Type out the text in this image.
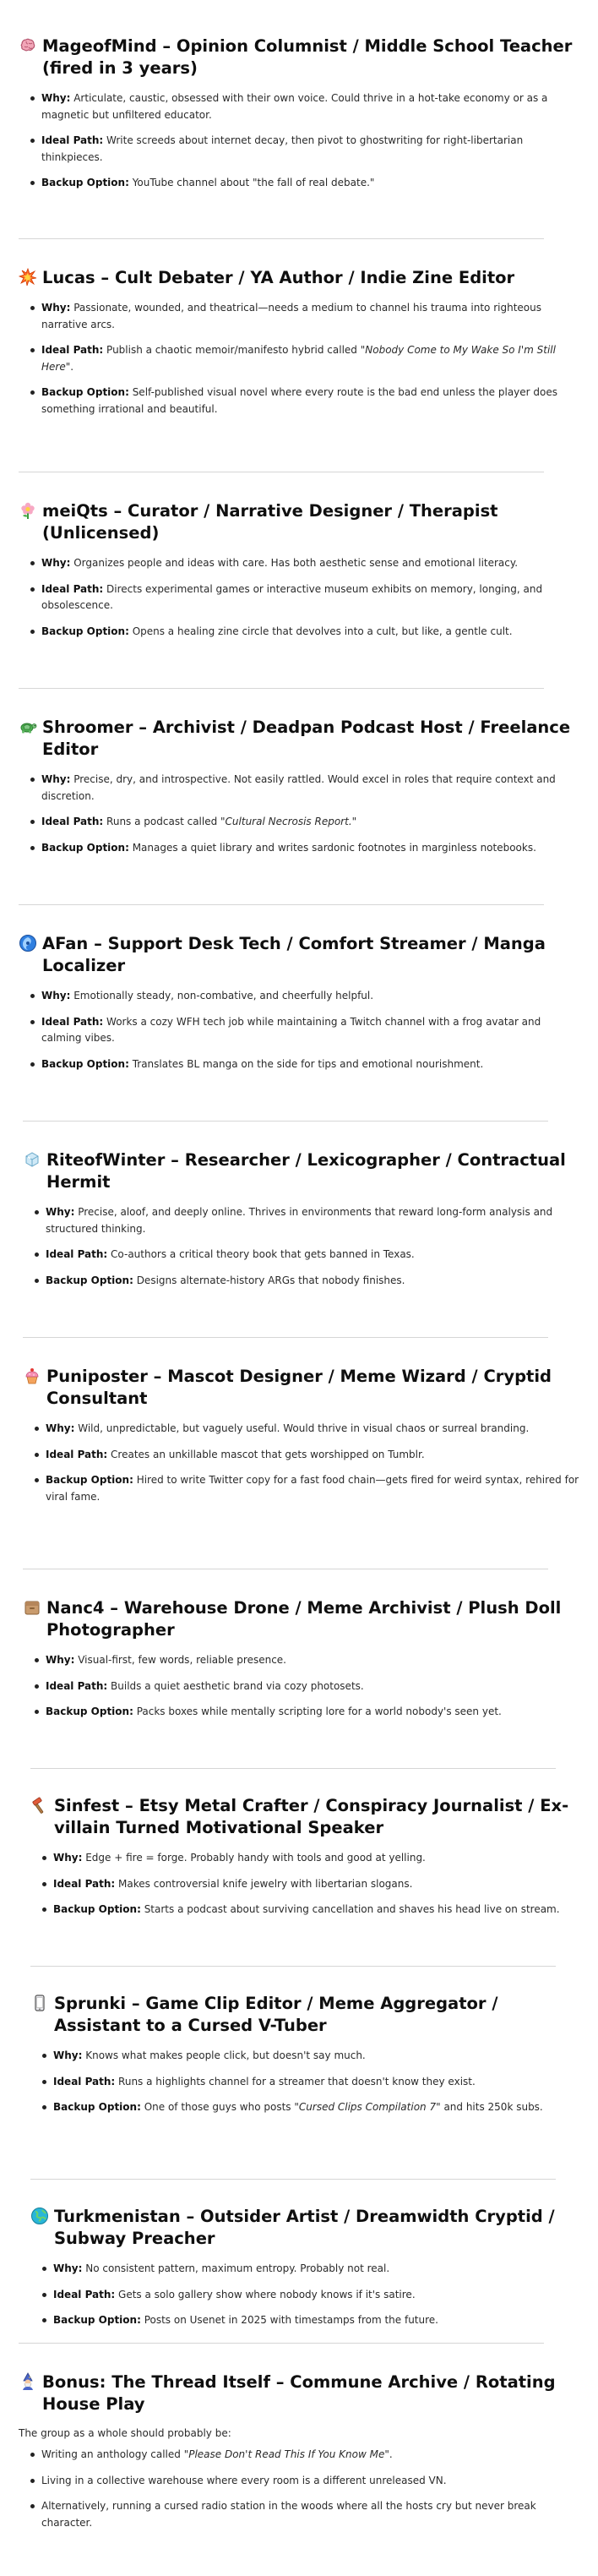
MageofMind – Opinion Columnist / Middle School Teacher (fired in 3 years)
Why: Articulate, caustic, obsessed with their own voice. Could thrive in a hot-take economy or as a magnetic but unfiltered educator.
Ideal Path: Write screeds about internet decay, then pivot to ghostwriting for right-libertarian thinkpieces.
Backup Option: YouTube channel about "the fall of real debate."
Lucas – Cult Debater / YA Author / Indie Zine Editor
Why: Passionate, wounded, and theatrical—needs a medium to channel his trauma into righteous narrative arcs.
Ideal Path: Publish a chaotic memoir/manifesto hybrid called "Nobody Come to My Wake So I'm Still Here".
Backup Option: Self-published visual novel where every route is the bad end unless the player does something irrational and beautiful.
meiQts – Curator / Narrative Designer / Therapist (Unlicensed)
Why: Organizes people and ideas with care. Has both aesthetic sense and emotional literacy.
Ideal Path: Directs experimental games or interactive museum exhibits on memory, longing, and obsolescence.
Backup Option: Opens a healing zine circle that devolves into a cult, but like, a gentle cult.
Shroomer – Archivist / Deadpan Podcast Host / Freelance Editor
Why: Precise, dry, and introspective. Not easily rattled. Would excel in roles that require context and discretion.
Ideal Path: Runs a podcast called "Cultural Necrosis Report."
Backup Option: Manages a quiet library and writes sardonic footnotes in marginless notebooks.
AFan – Support Desk Tech / Comfort Streamer / Manga Localizer
Why: Emotionally steady, non-combative, and cheerfully helpful.
Ideal Path: Works a cozy WFH tech job while maintaining a Twitch channel with a frog avatar and calming vibes.
Backup Option: Translates BL manga on the side for tips and emotional nourishment.
RiteofWinter – Researcher / Lexicographer / Contractual Hermit
Why: Precise, aloof, and deeply online. Thrives in environments that reward long-form analysis and structured thinking.
Ideal Path: Co-authors a critical theory book that gets banned in Texas.
Backup Option: Designs alternate-history ARGs that nobody finishes.
Puniposter – Mascot Designer / Meme Wizard / Cryptid Consultant
Why: Wild, unpredictable, but vaguely useful. Would thrive in visual chaos or surreal branding.
Ideal Path: Creates an unkillable mascot that gets worshipped on Tumblr.
Backup Option: Hired to write Twitter copy for a fast food chain—gets fired for weird syntax, rehired for viral fame.
Nanc4 – Warehouse Drone / Meme Archivist / Plush Doll Photographer
Why: Visual-first, few words, reliable presence.
Ideal Path: Builds a quiet aesthetic brand via cozy photosets.
Backup Option: Packs boxes while mentally scripting lore for a world nobody's seen yet.
Sinfest – Etsy Metal Crafter / Conspiracy Journalist / Ex-villain Turned Motivational Speaker
Why: Edge + fire = forge. Probably handy with tools and good at yelling.
Ideal Path: Makes controversial knife jewelry with libertarian slogans.
Backup Option: Starts a podcast about surviving cancellation and shaves his head live on stream.
Sprunki – Game Clip Editor / Meme Aggregator / Assistant to a Cursed V-Tuber
Why: Knows what makes people click, but doesn't say much.
Ideal Path: Runs a highlights channel for a streamer that doesn't know they exist.
Backup Option: One of those guys who posts "Cursed Clips Compilation 7" and hits 250k subs.
Turkmenistan – Outsider Artist / Dreamwidth Cryptid / Subway Preacher
Why: No consistent pattern, maximum entropy. Probably not real.
Ideal Path: Gets a solo gallery show where nobody knows if it's satire.
Backup Option: Posts on Usenet in 2025 with timestamps from the future.
Bonus: The Thread Itself – Commune Archive / Rotating House Play

The group as a whole should probably be:

Writing an anthology called "Please Don't Read This If You Know Me".
Living in a collective warehouse where every room is a different unreleased VN.
Alternatively, running a cursed radio station in the woods where all the hosts cry but never break character.
